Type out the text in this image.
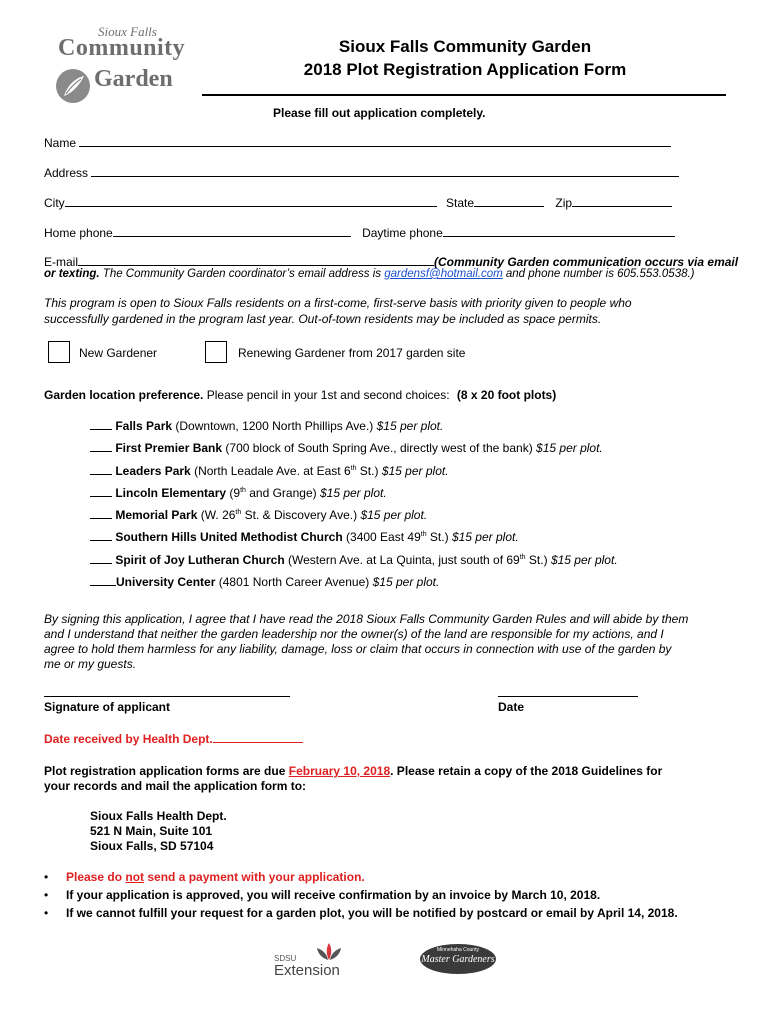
Sioux Falls
Community
Garden
Sioux Falls Community Garden
2018 Plot Registration Application Form
Please fill out application completely.
Name
Address
City	State	Zip
Home phone	Daytime phone
E-mail	(Community Garden communication occurs via email
or texting. The Community Garden coordinator’s email address is gardensf@hotmail.com and phone number is 605.553.0538.)
This program is open to Sioux Falls residents on a first-come, first-serve basis with priority given to people who
successfully gardened in the program last year. Out-of-town residents may be included as space permits.
New Gardener	Renewing Gardener from 2017 garden site
Garden location preference. Please pencil in your 1st and second choices: (8 x 20 foot plots)
Falls Park (Downtown, 1200 North Phillips Ave.) $15 per plot.
First Premier Bank (700 block of South Spring Ave., directly west of the bank) $15 per plot.
Leaders Park (North Leadale Ave. at East 6th St.) $15 per plot.
Lincoln Elementary (9th and Grange) $15 per plot.
Memorial Park (W. 26th St. & Discovery Ave.) $15 per plot.
Southern Hills United Methodist Church (3400 East 49th St.) $15 per plot.
Spirit of Joy Lutheran Church (Western Ave. at La Quinta, just south of 69th St.) $15 per plot.
University Center (4801 North Career Avenue) $15 per plot.
By signing this application, I agree that I have read the 2018 Sioux Falls Community Garden Rules and will abide by them
and I understand that neither the garden leadership nor the owner(s) of the land are responsible for my actions, and I
agree to hold them harmless for any liability, damage, loss or claim that occurs in connection with use of the garden by
me or my guests.
Signature of applicant	Date
Date received by Health Dept.
Plot registration application forms are due February 10, 2018. Please retain a copy of the 2018 Guidelines for
your records and mail the application form to:
Sioux Falls Health Dept.
521 N Main, Suite 101
Sioux Falls, SD 57104
• Please do not send a payment with your application.
• If your application is approved, you will receive confirmation by an invoice by March 10, 2018.
• If we cannot fulfill your request for a garden plot, you will be notified by postcard or email by April 14, 2018.
SDSU
Extension
Minnehaha County
Master Gardeners
